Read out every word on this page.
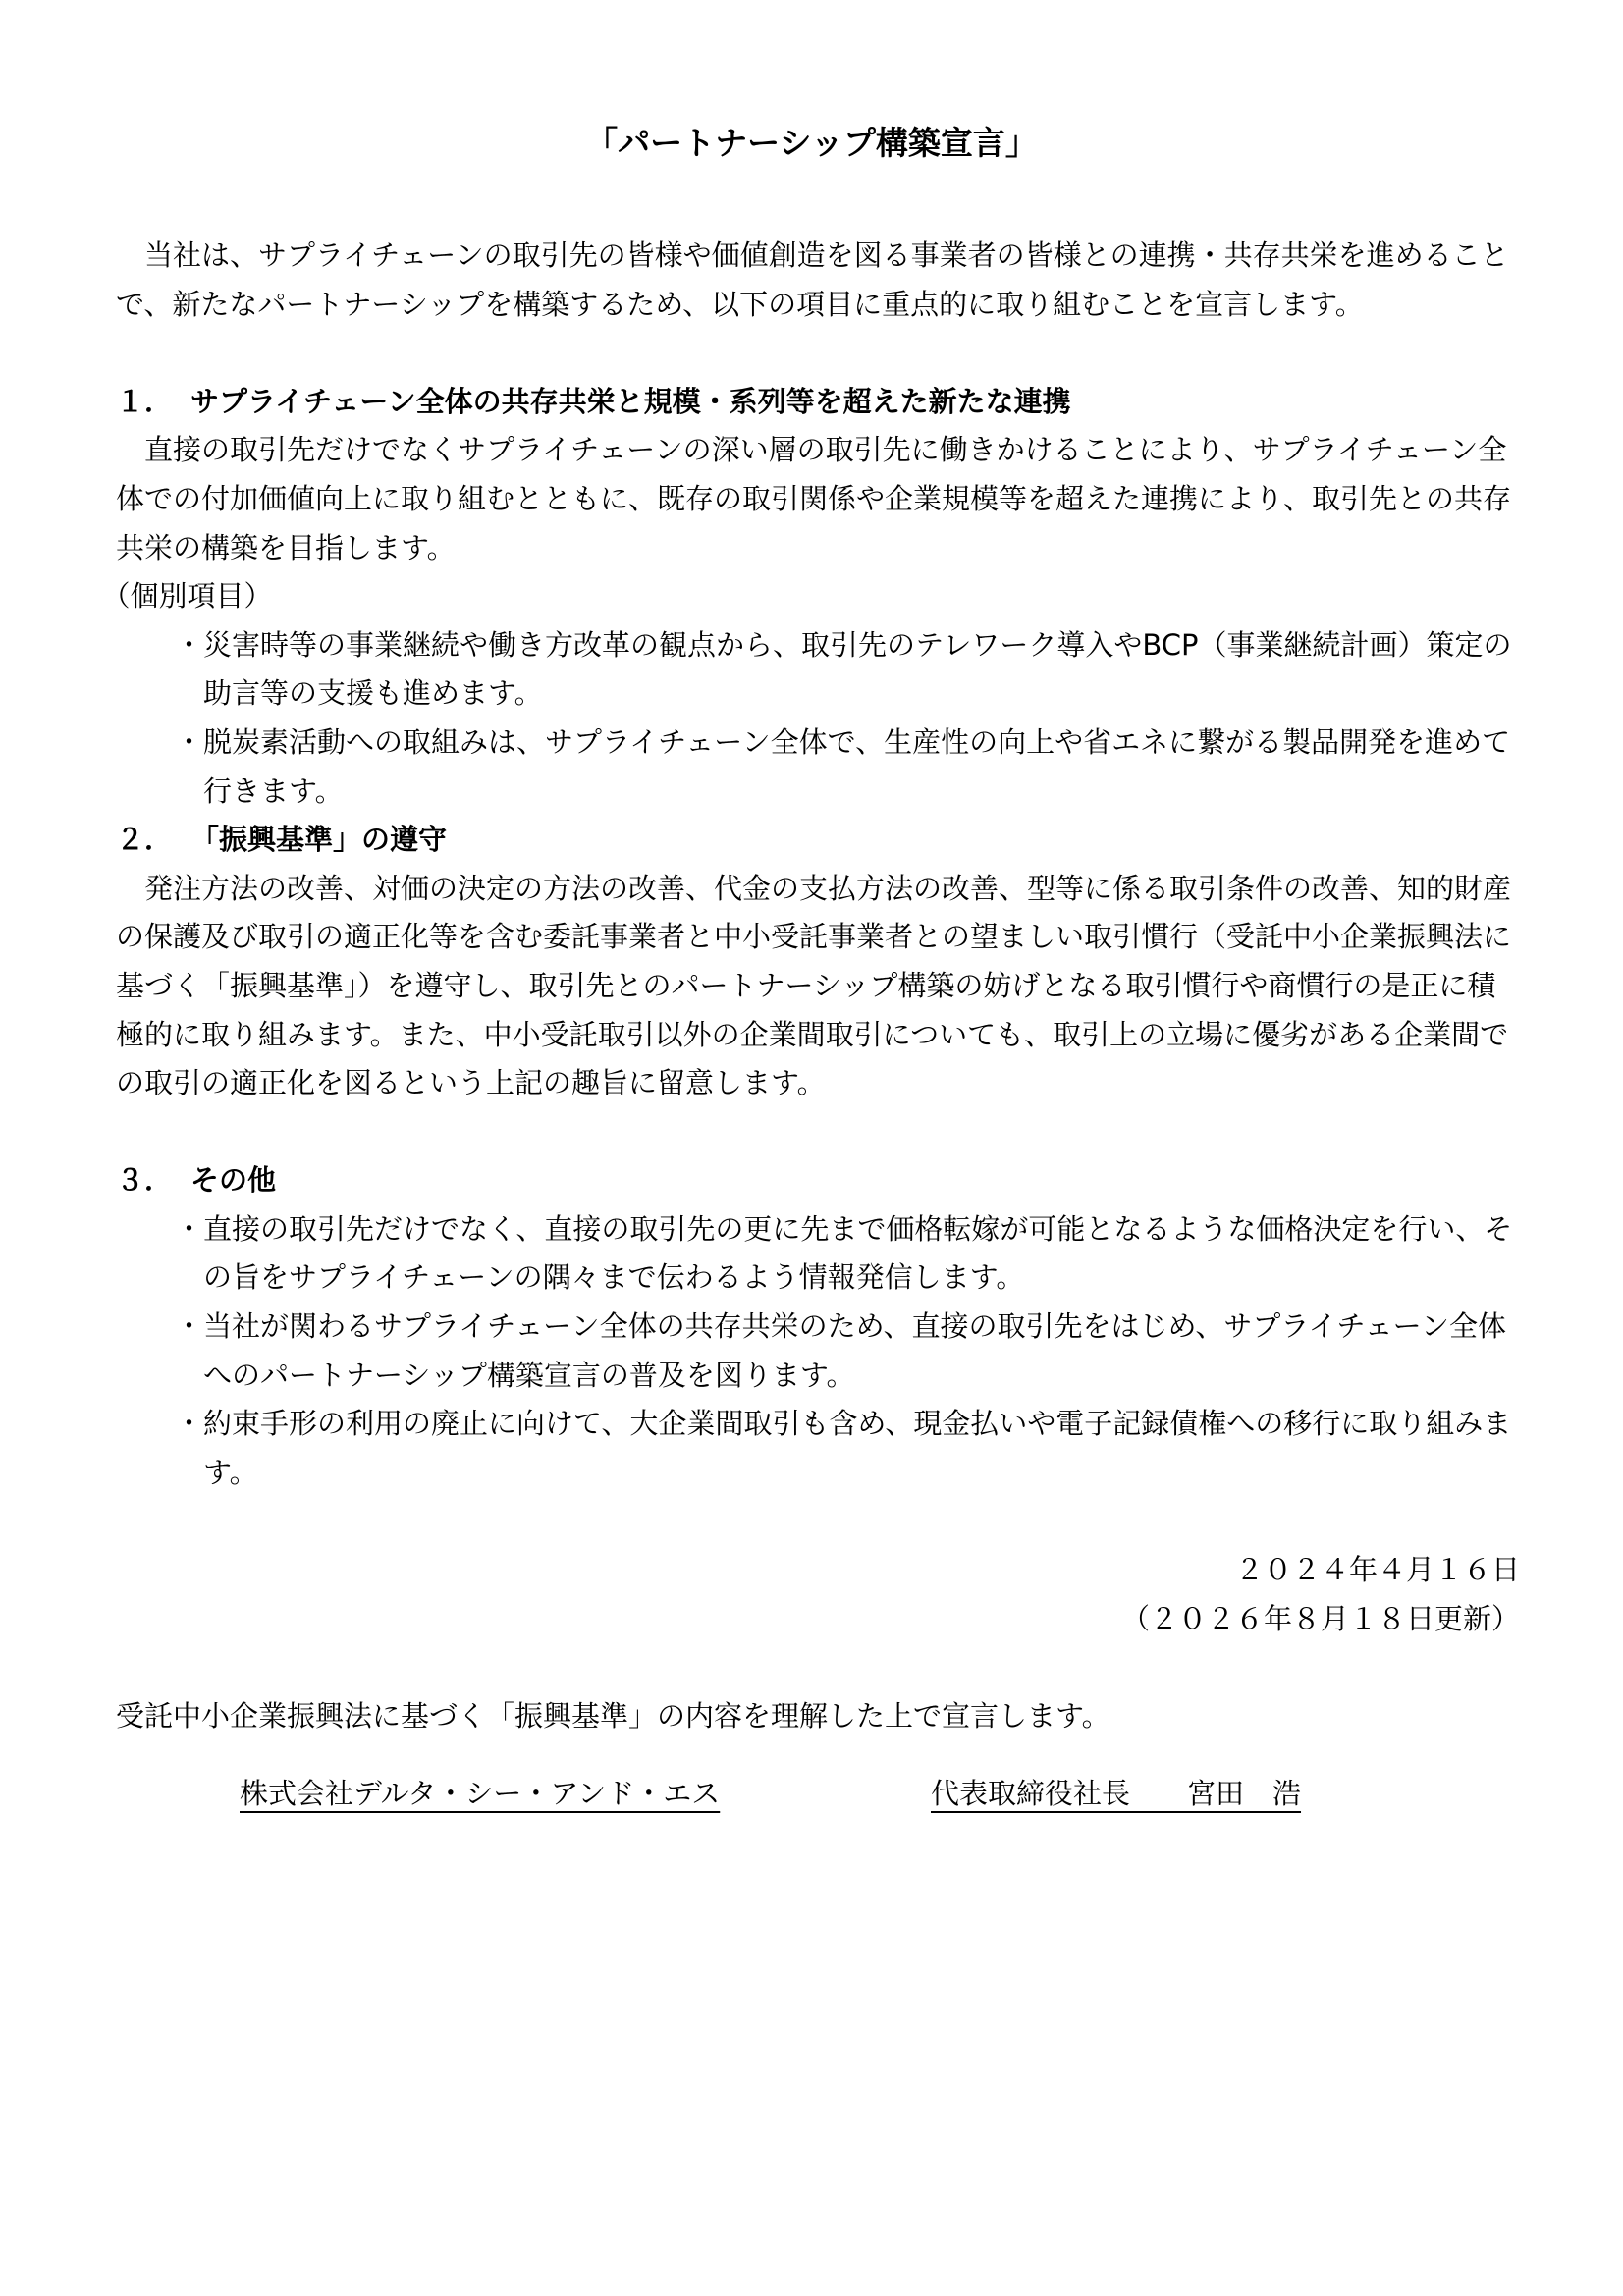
「パートナーシップ構築宣言」

当社は、サプライチェーンの取引先の皆様や価値創造を図る事業者の皆様との連携・共存共栄を進めることで、新たなパートナーシップを構築するため、以下の項目に重点的に取り組むことを宣言します。

１． サプライチェーン全体の共存共栄と規模・系列等を超えた新たな連携

直接の取引先だけでなくサプライチェーンの深い層の取引先に働きかけることにより、サプライチェーン全体での付加価値向上に取り組むとともに、既存の取引関係や企業規模等を超えた連携により、取引先との共存共栄の構築を目指します。

（個別項目）

・災害時等の事業継続や働き方改革の観点から、取引先のテレワーク導入やBCP（事業継続計画）策定の助言等の支援も進めます。
・脱炭素活動への取組みは、サプライチェーン全体で、生産性の向上や省エネに繋がる製品開発を進めて行きます。

２． 「振興基準」の遵守

発注方法の改善、対価の決定の方法の改善、代金の支払方法の改善、型等に係る取引条件の改善、知的財産の保護及び取引の適正化等を含む委託事業者と中小受託事業者との望ましい取引慣行（受託中小企業振興法に基づく「振興基準」）を遵守し、取引先とのパートナーシップ構築の妨げとなる取引慣行や商慣行の是正に積極的に取り組みます。また、中小受託取引以外の企業間取引についても、取引上の立場に優劣がある企業間での取引の適正化を図るという上記の趣旨に留意します。

３． その他

・直接の取引先だけでなく、直接の取引先の更に先まで価格転嫁が可能となるような価格決定を行い、その旨をサプライチェーンの隅々まで伝わるよう情報発信します。
・当社が関わるサプライチェーン全体の共存共栄のため、直接の取引先をはじめ、サプライチェーン全体へのパートナーシップ構築宣言の普及を図ります。
・約束手形の利用の廃止に向けて、大企業間取引も含め、現金払いや電子記録債権への移行に取り組みます。
２０２４年４月１６日
（２０２６年８月１８日更新）

受託中小企業振興法に基づく「振興基準」の内容を理解した上で宣言します。

株式会社デルタ・シー・アンド・エス	代表取締役社長　　宮田　浩
